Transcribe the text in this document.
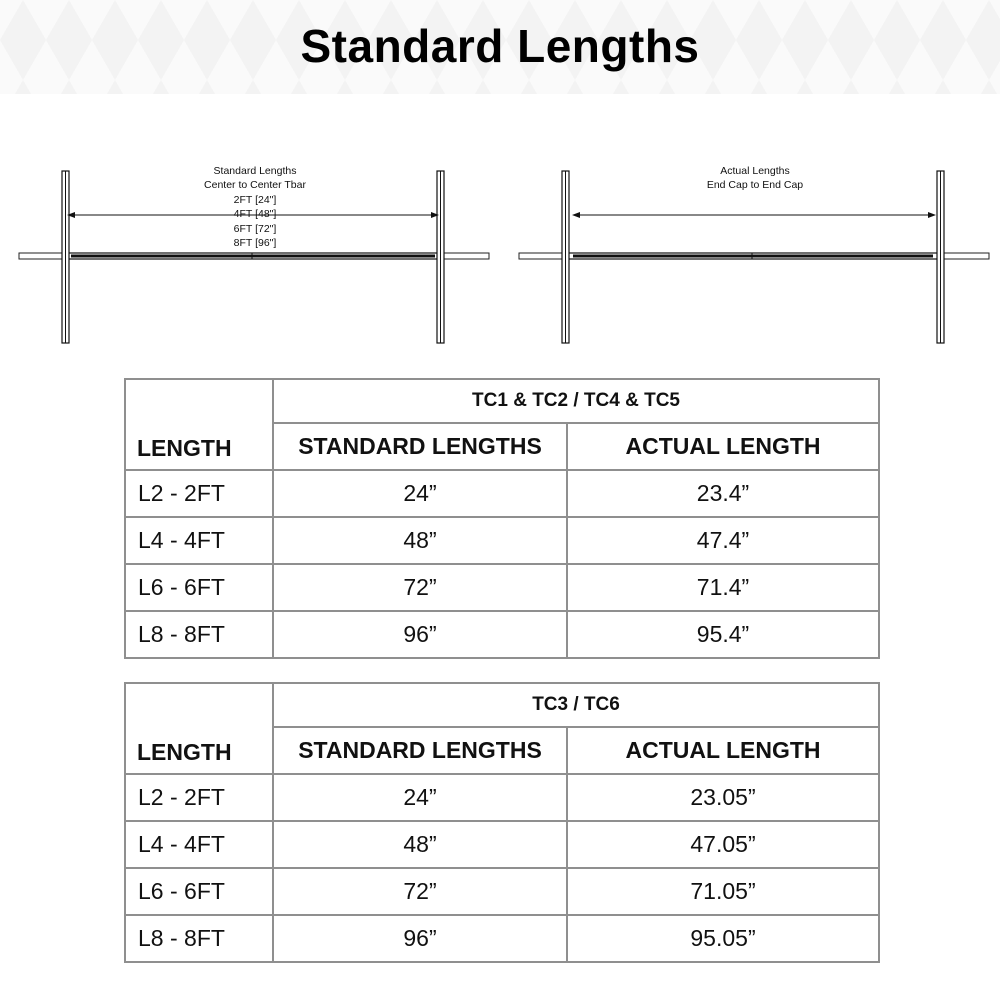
Standard Lengths
Standard Lengths
Center to Center Tbar
2FT [24"]
4FT [48"]
6FT [72"]
8FT [96"]
Actual Lengths
End Cap to End Cap
LENGTH	TC1 & TC2 / TC4 & TC5	
	STANDARD LENGTHS	ACTUAL LENGTH
L2 - 2FT	24”	23.4”
L4 - 4FT	48”	47.4”
L6 - 6FT	72”	71.4”
L8 - 8FT	96”	95.4”
LENGTH	TC3 / TC6	
	STANDARD LENGTHS	ACTUAL LENGTH
L2 - 2FT	24”	23.05”
L4 - 4FT	48”	47.05”
L6 - 6FT	72”	71.05”
L8 - 8FT	96”	95.05”
